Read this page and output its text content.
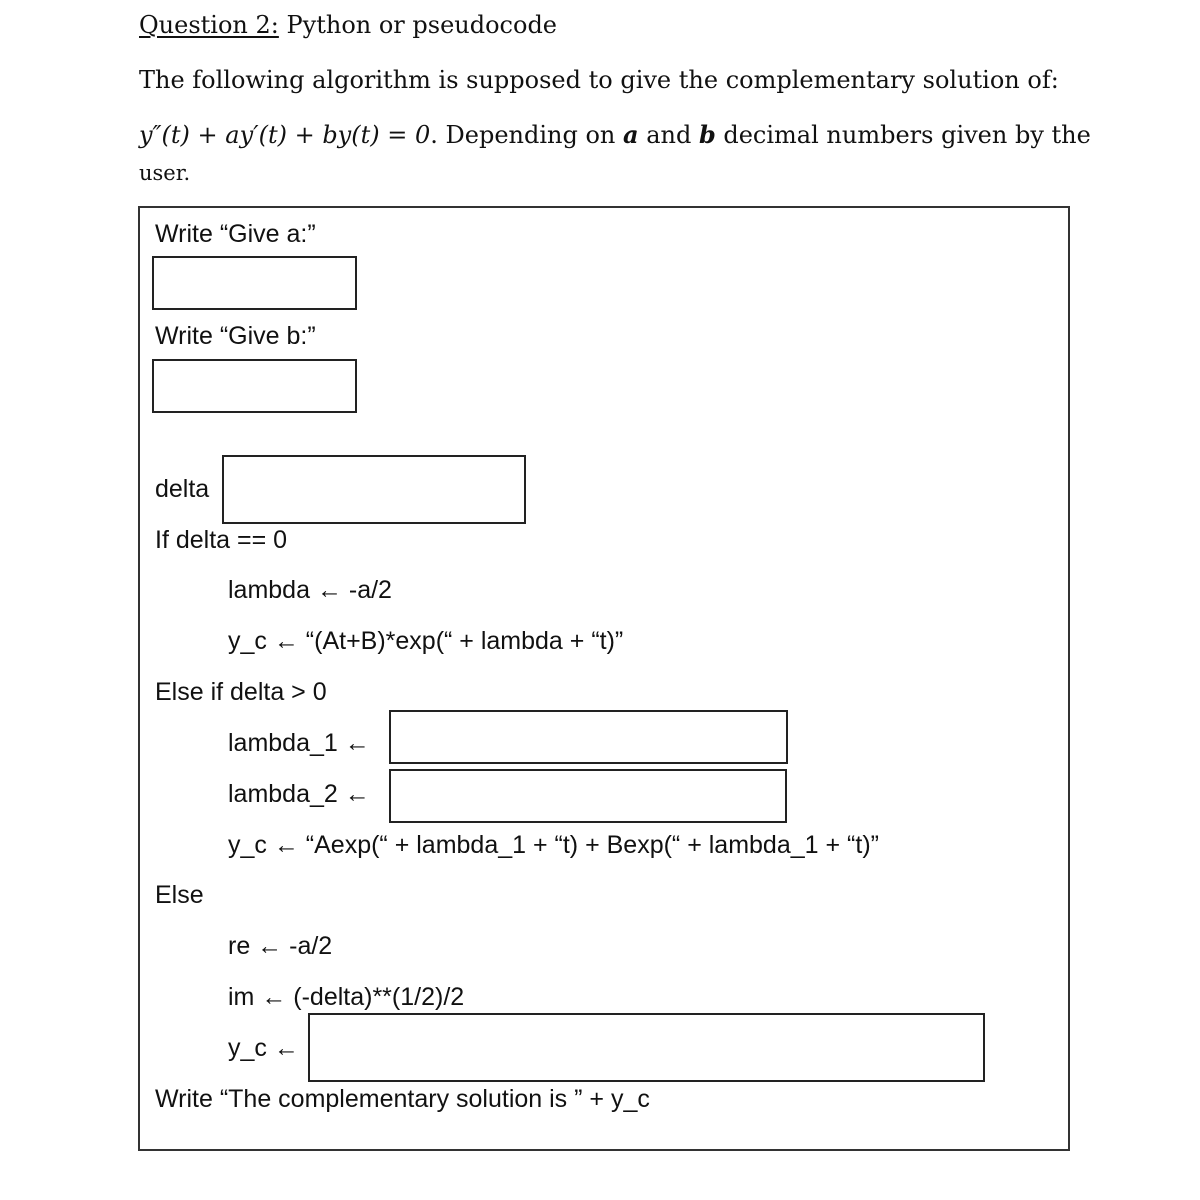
Question 2: Python or pseudocode
The following algorithm is supposed to give the complementary solution of:
y″(t) + ay′(t) + by(t) = 0. Depending on a and b decimal numbers given by the
user.
Write “Give a:”
Write “Give b:”
delta
If delta == 0
lambda ← -a/2
y_c ← “(At+B)*exp(“ + lambda + “t)”
Else if delta > 0
lambda_1 ←
lambda_2 ←
y_c ← “Aexp(“ + lambda_1 + “t) + Bexp(“ + lambda_1 + “t)”
Else
re ← -a/2
im ← (-delta)**(1/2)/2
y_c ←
Write “The complementary solution is ” + y_c
